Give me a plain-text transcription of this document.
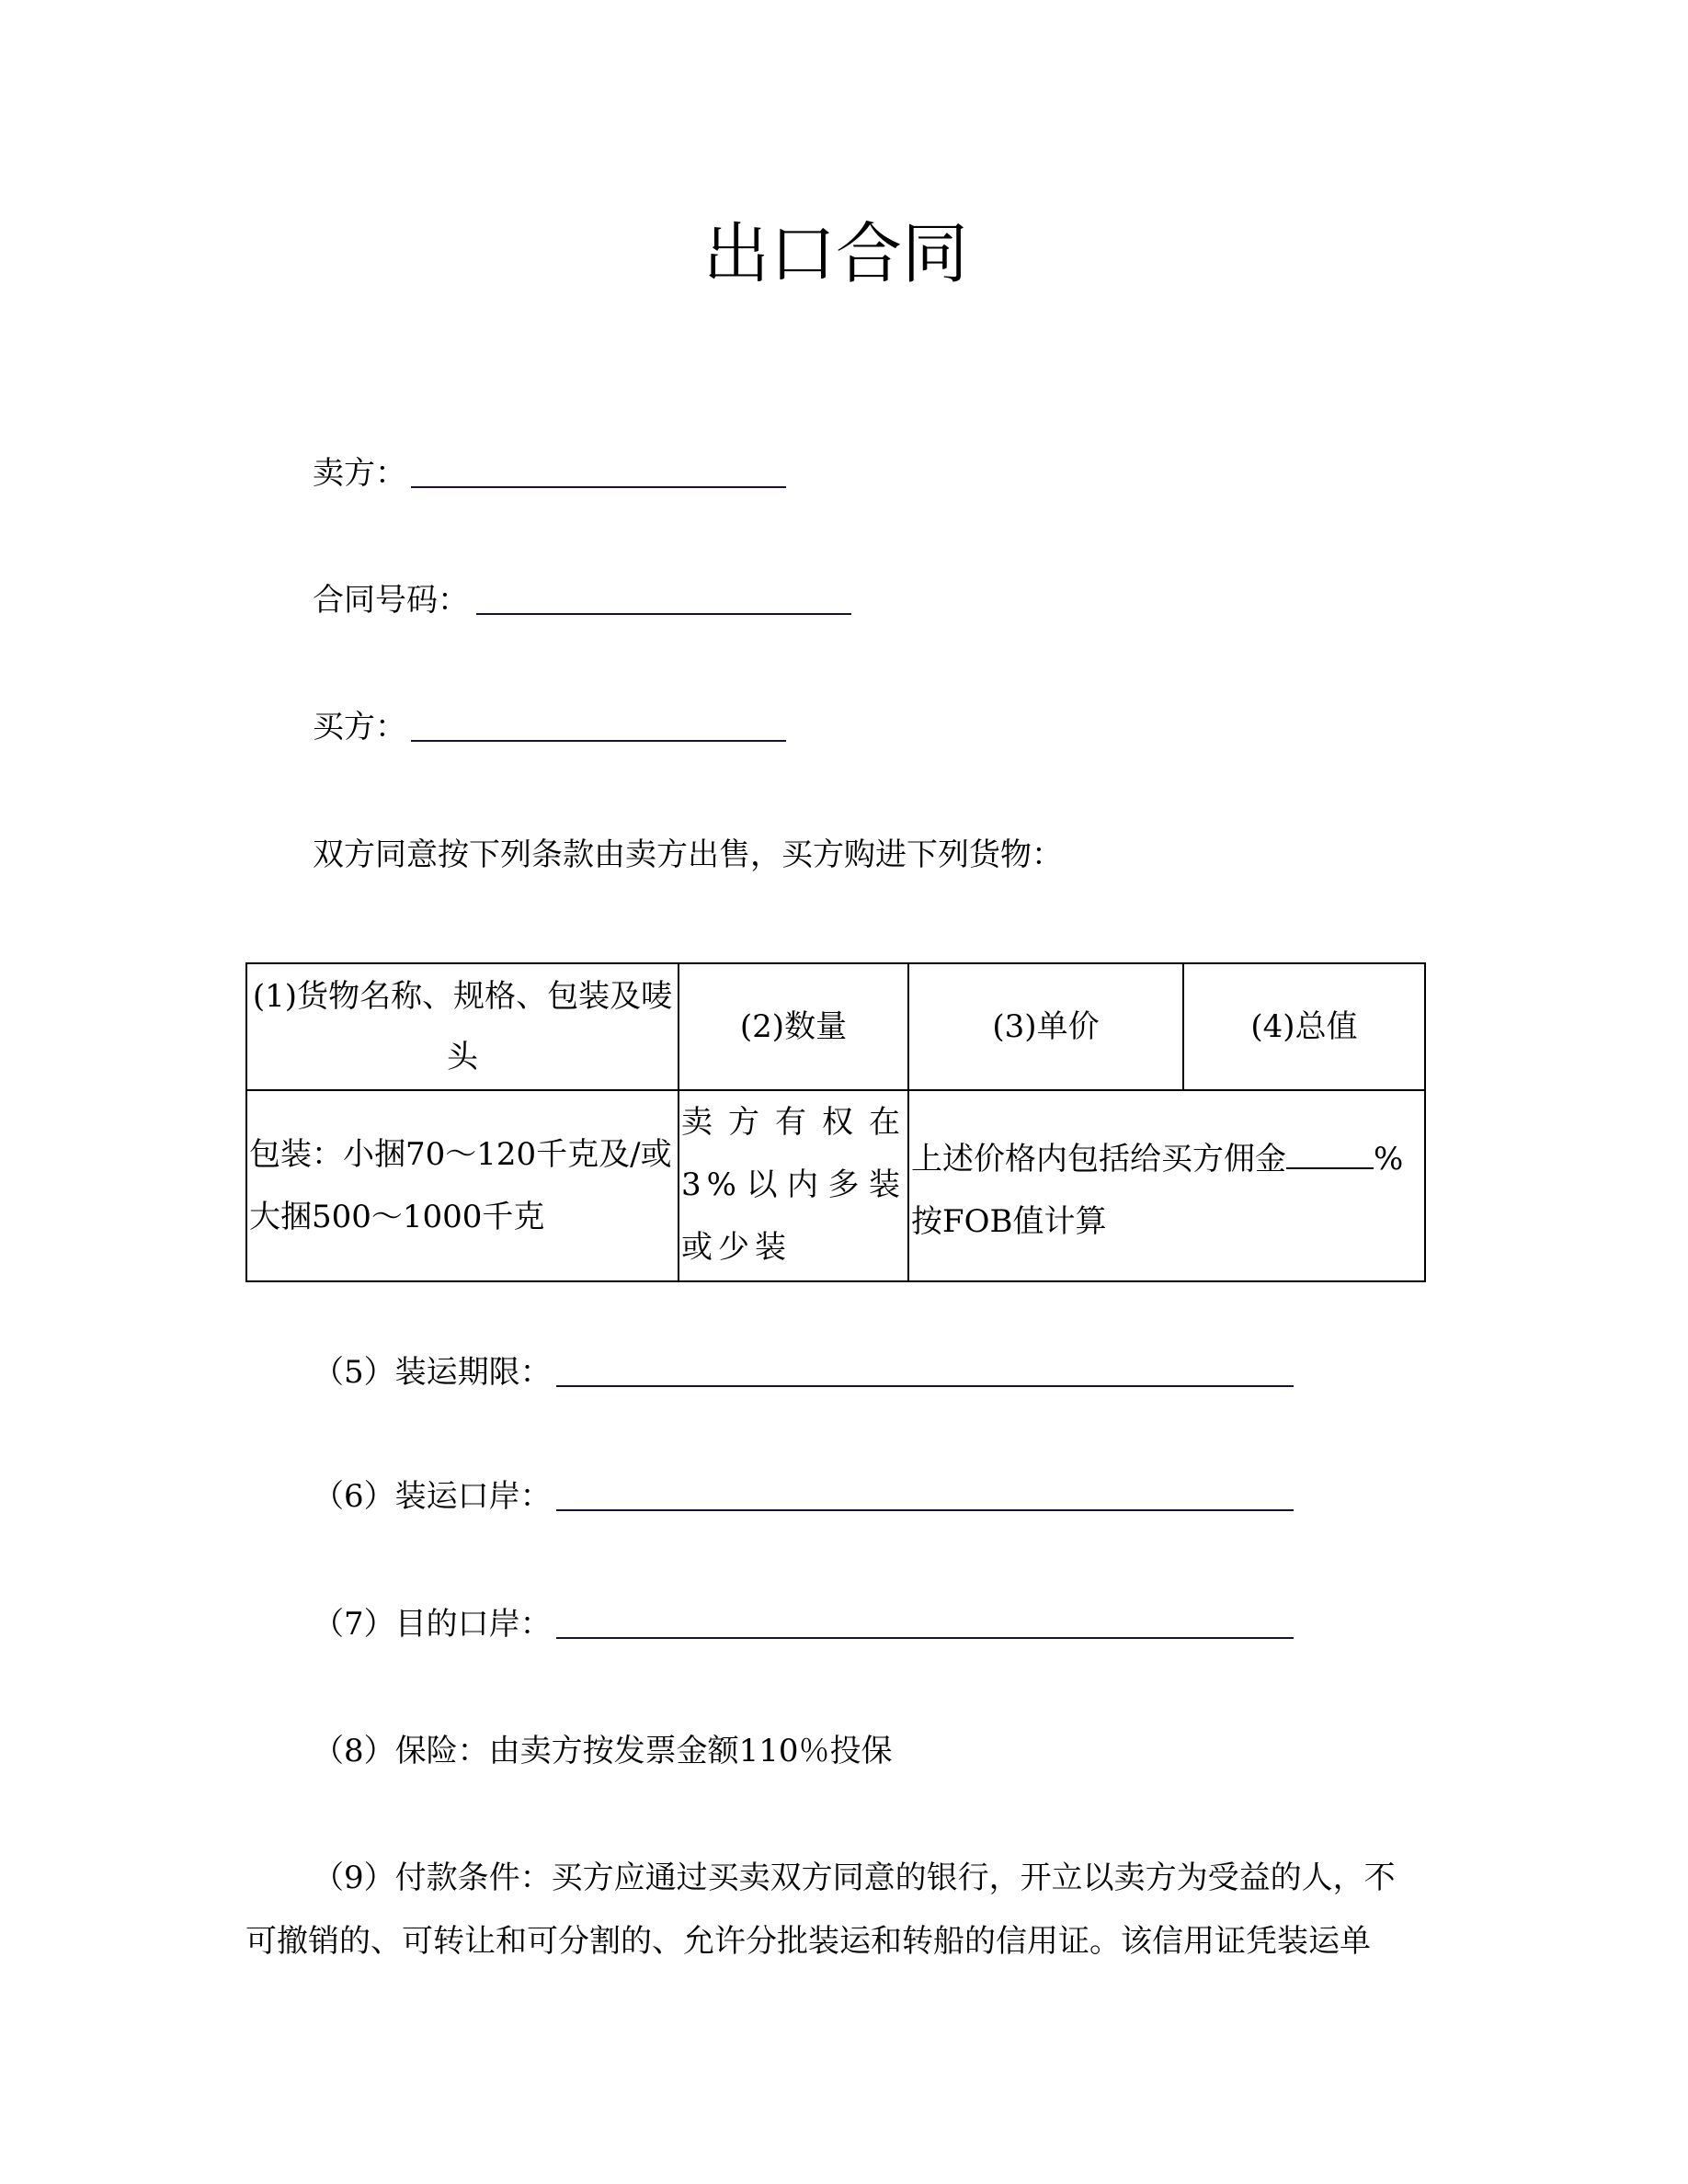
出口合同
卖方：
合同号码：
买方：
双方同意按下列条款由卖方出售，买方购进下列货物：
(1)货物名称、规格、包装及唛头	(2)数量	(3)单价	(4)总值
包装：小捆70～120千克及/或大捆500～1000千克	卖方有权在3%以内多装或少装	上述价格内包括给买方佣金 %按FOB值计算	
（5）装运期限：
（6）装运口岸：
（7）目的口岸：
（8）保险：由卖方按发票金额110％投保
（9）付款条件：买方应通过买卖双方同意的银行，开立以卖方为受益的人，不
可撤销的、可转让和可分割的、允许分批装运和转船的信用证。该信用证凭装运单
